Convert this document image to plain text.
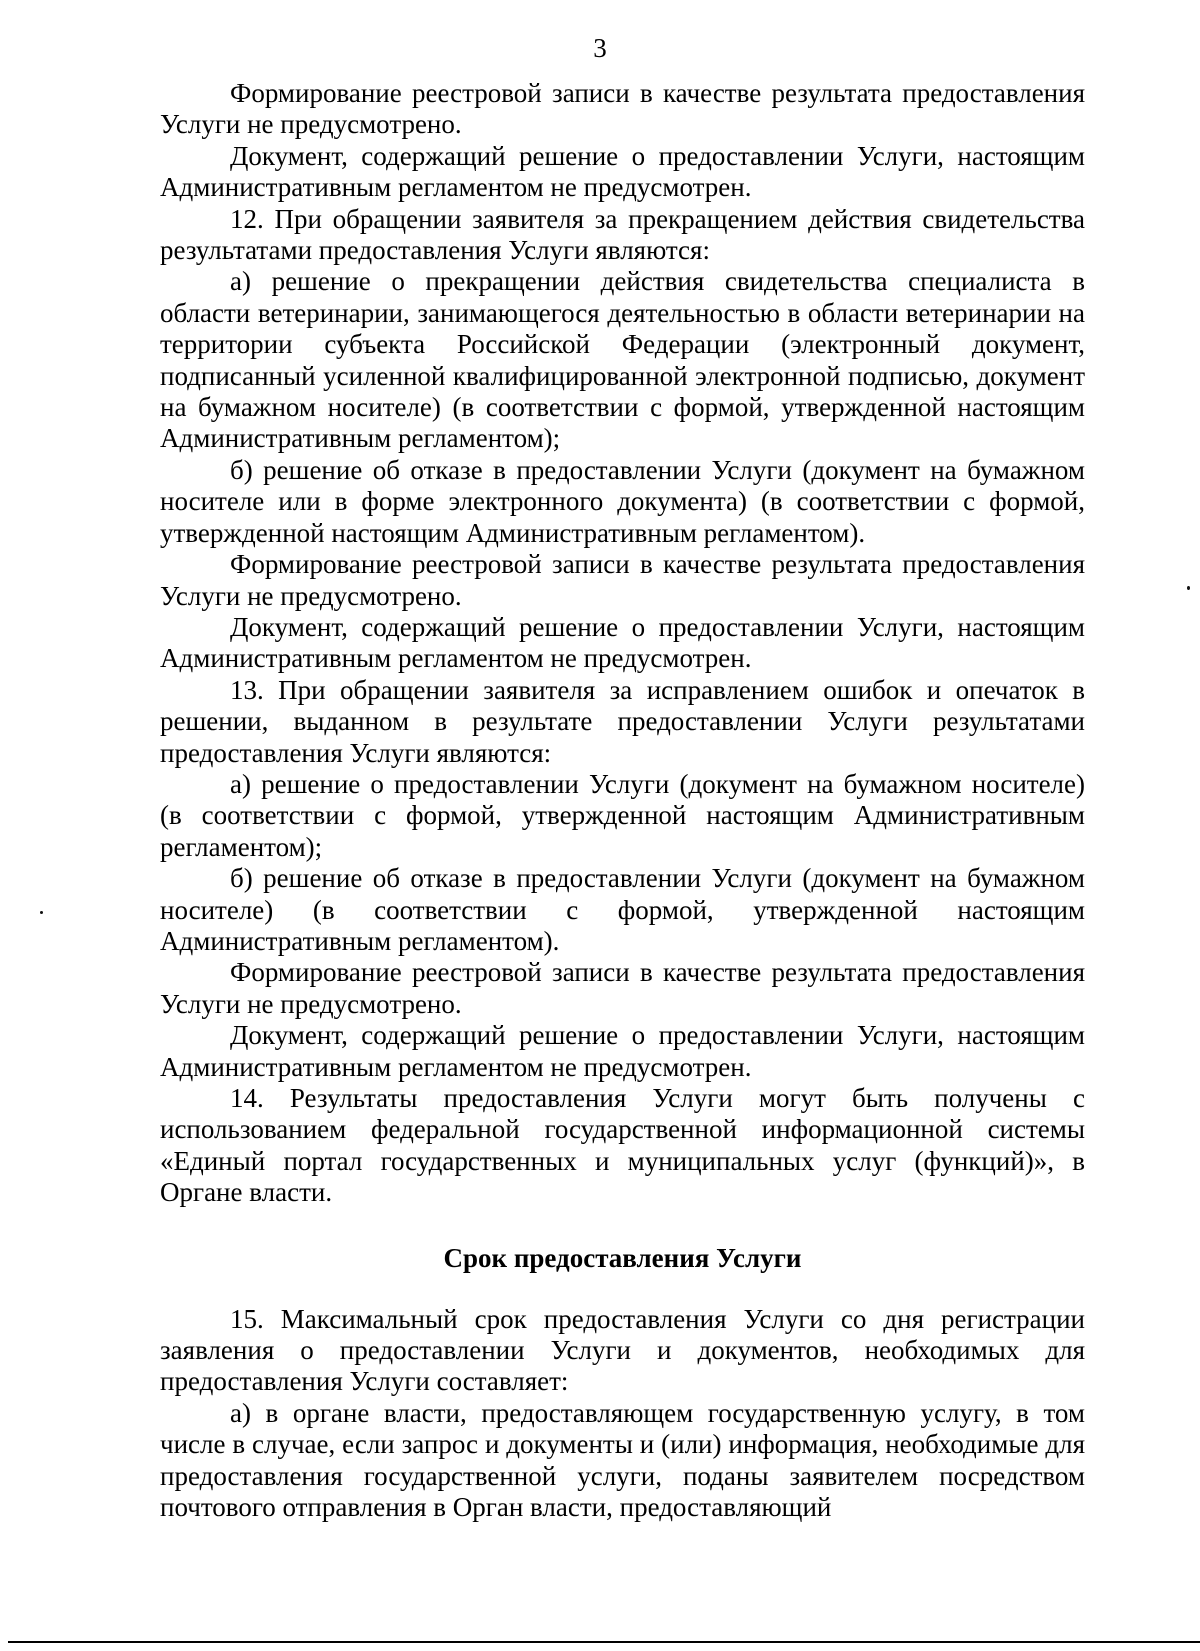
3

Формирование реестровой записи в качестве результата предоставления Услуги не предусмотрено.

Документ, содержащий решение о предоставлении Услуги, настоящим Административным регламентом не предусмотрен.

12. При обращении заявителя за прекращением действия свидетельства результатами предоставления Услуги являются:

а) решение о прекращении действия свидетельства специалиста в области ветеринарии, занимающегося деятельностью в области ветеринарии на территории субъекта Российской Федерации (электронный документ, подписанный усиленной квалифицированной электронной подписью, документ на бумажном носителе) (в соответствии с формой, утвержденной настоящим Административным регламентом);

б) решение об отказе в предоставлении Услуги (документ на бумажном носителе или в форме электронного документа) (в соответствии с формой, утвержденной настоящим Административным регламентом).

Формирование реестровой записи в качестве результата предоставления Услуги не предусмотрено.

Документ, содержащий решение о предоставлении Услуги, настоящим Административным регламентом не предусмотрен.

13. При обращении заявителя за исправлением ошибок и опечаток в решении, выданном в результате предоставлении Услуги результатами предоставления Услуги являются:

а) решение о предоставлении Услуги (документ на бумажном носителе) (в соответствии с формой, утвержденной настоящим Административным регламентом);

б) решение об отказе в предоставлении Услуги (документ на бумажном носителе) (в соответствии с формой, утвержденной настоящим Административным регламентом).

Формирование реестровой записи в качестве результата предоставления Услуги не предусмотрено.

Документ, содержащий решение о предоставлении Услуги, настоящим Административным регламентом не предусмотрен.

14. Результаты предоставления Услуги могут быть получены с использованием федеральной государственной информационной системы «Единый портал государственных и муниципальных услуг (функций)», в Органе власти.

Срок предоставления Услуги

15. Максимальный срок предоставления Услуги со дня регистрации заявления о предоставлении Услуги и документов, необходимых для предоставления Услуги составляет:

а) в органе власти, предоставляющем государственную услугу, в том числе в случае, если запрос и документы и (или) информация, необходимые для предоставления государственной услуги, поданы заявителем посредством почтового отправления в Орган власти, предоставляющий
